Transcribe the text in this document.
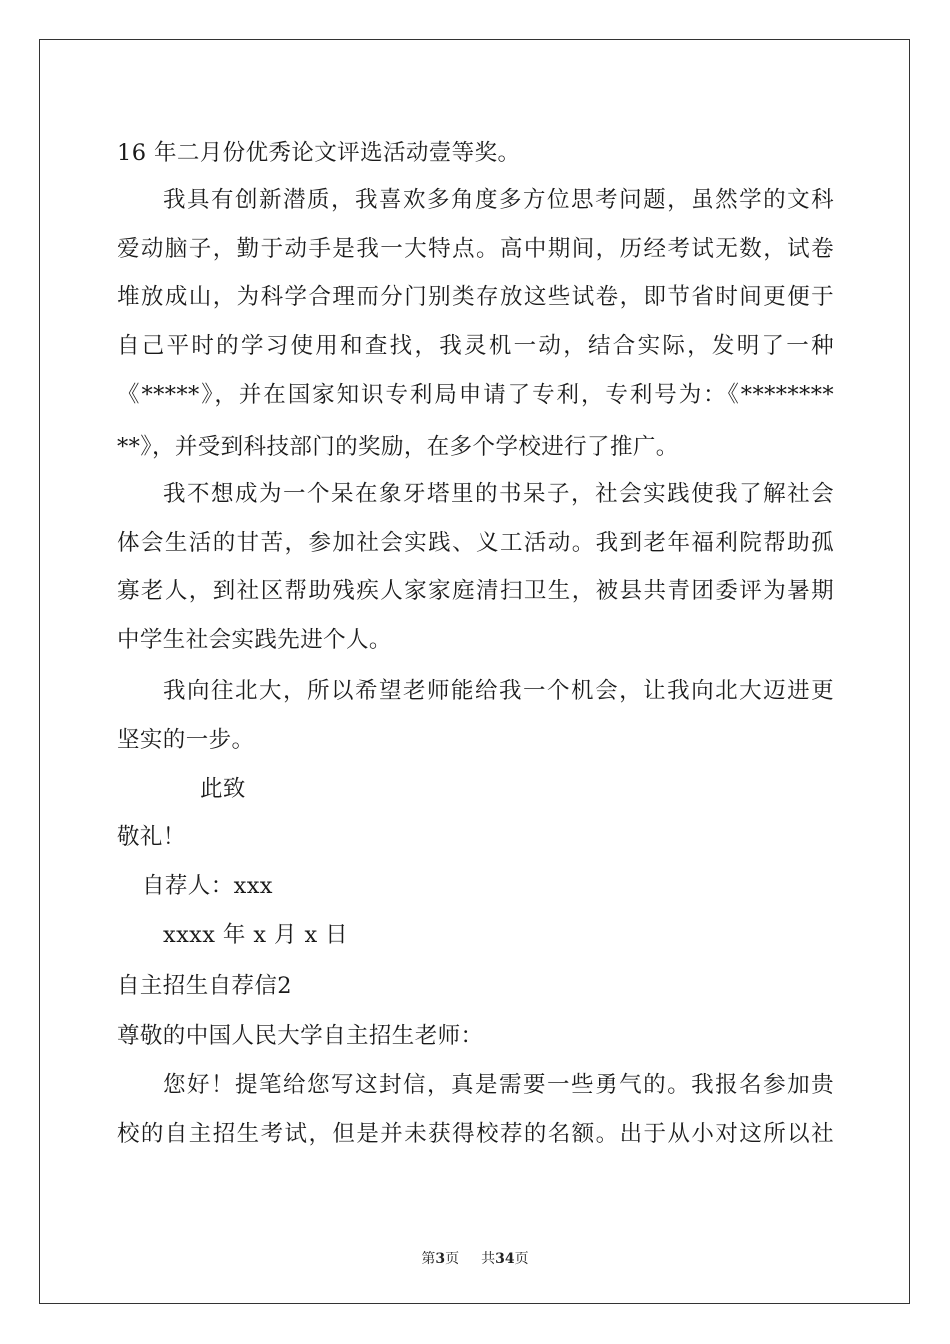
16 年二月份优秀论文评选活动壹等奖。
我具有创新潜质，我喜欢多角度多方位思考问题，虽然学的文科
爱动脑子，勤于动手是我一大特点。高中期间，历经考试无数，试卷
堆放成山，为科学合理而分门别类存放这些试卷，即节省时间更便于
自己平时的学习使用和查找，我灵机一动，结合实际，发明了一种
《*****》，并在国家知识专利局申请了专利，专利号为：《********
**》，并受到科技部门的奖励，在多个学校进行了推广。
我不想成为一个呆在象牙塔里的书呆子，社会实践使我了解社会
体会生活的甘苦，参加社会实践、义工活动。我到老年福利院帮助孤
寡老人，到社区帮助残疾人家家庭清扫卫生，被县共青团委评为暑期
中学生社会实践先进个人。
我向往北大，所以希望老师能给我一个机会，让我向北大迈进更
坚实的一步。
此致
敬礼！
自荐人：xxx
xxxx 年 x 月 x 日
自主招生自荐信2
尊敬的中国人民大学自主招生老师：
您好！提笔给您写这封信，真是需要一些勇气的。我报名参加贵
校的自主招生考试，但是并未获得校荐的名额。出于从小对这所以社
第3页 共34页
